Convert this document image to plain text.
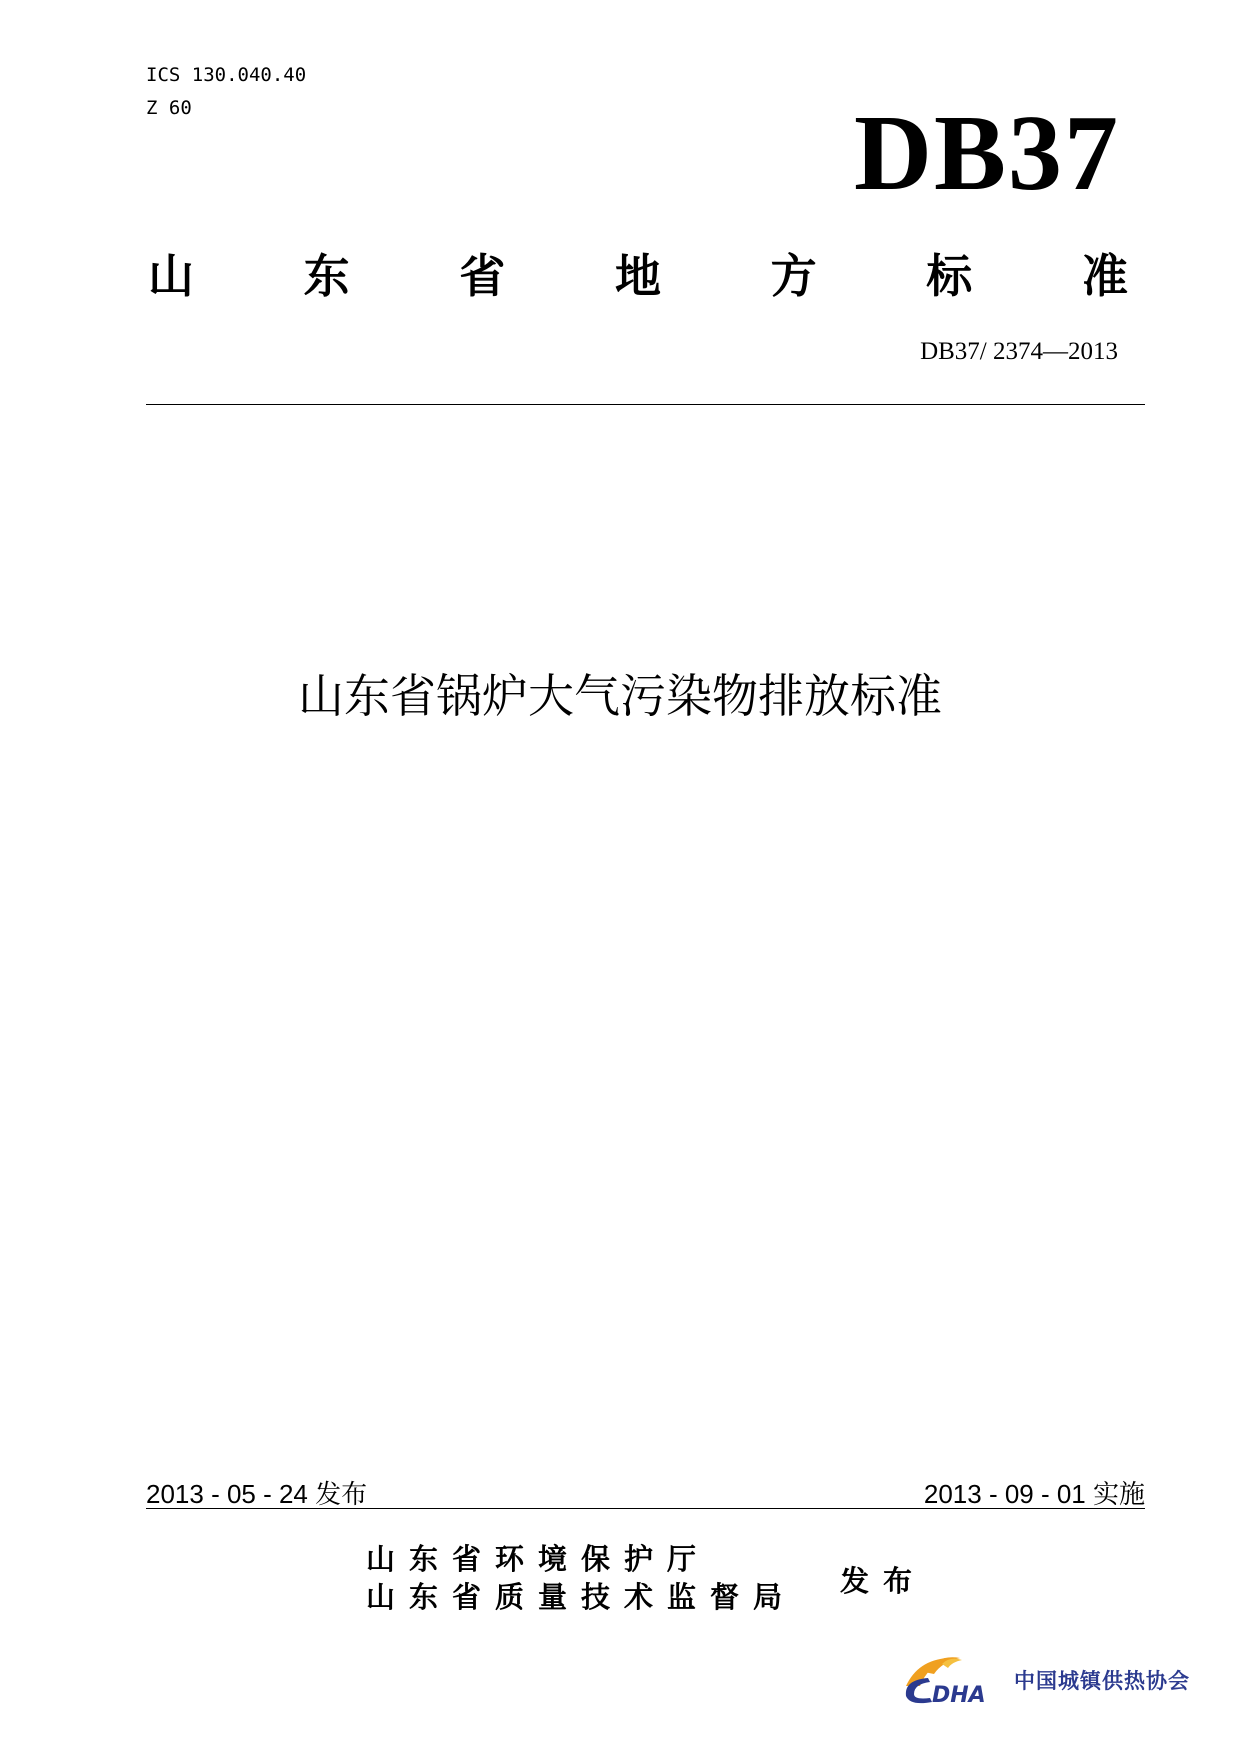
ICS 130.040.40
Z 60	DB37
山 东 省 地 方 标 准
DB37/ 2374—2013
山东省锅炉大气污染物排放标准
2013 - 05 - 24 发布	2013 - 09 - 01 实施
山东省环境保护厅
山东省质量技术监督局 发布
DHA
中国城镇供热协会
